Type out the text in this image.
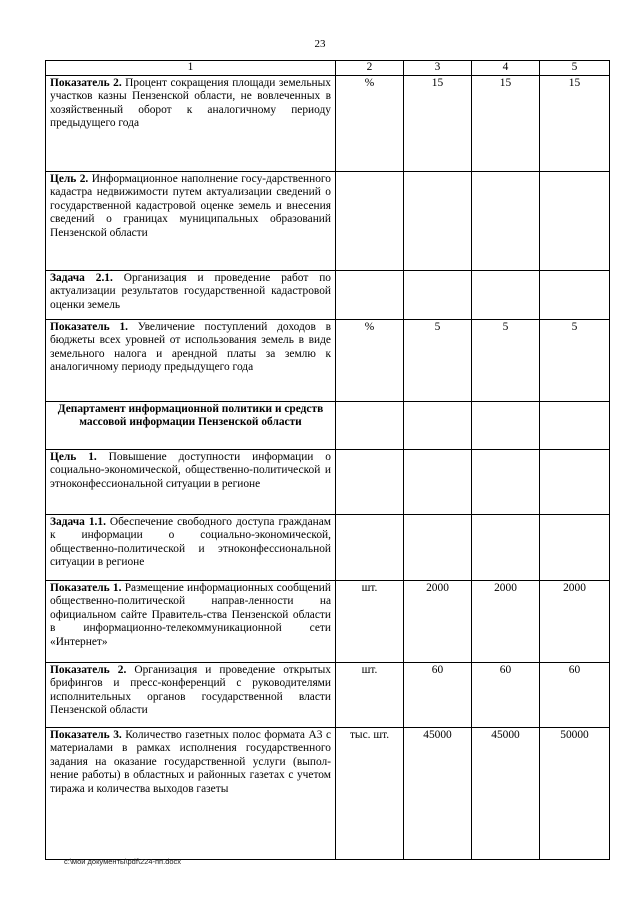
23
1	2	3	4	5
Показатель 2. Процент сокращения площади земельных участков казны Пензенской области, не вовлеченных в хозяйственный оборот к аналогичному периоду предыдущего года	%	15	15	15
Цель 2. Информационное наполнение госу-дарственного кадастра недвижимости путем актуализации сведений о государственной кадастровой оценке земель и внесения сведений о границах муниципальных образований Пензенской области				
Задача 2.1. Организация и проведение работ по актуализации результатов государственной кадастровой оценки земель				
Показатель 1. Увеличение поступлений доходов в бюджеты всех уровней от использования земель в виде земельного налога и арендной платы за землю к аналогичному периоду предыдущего года	%	5	5	5
Департамент информационной политики и средств массовой информации Пензенской области				
Цель 1. Повышение доступности информации о социально-экономической, общественно-политической и этноконфессиональной ситуации в регионе				
Задача 1.1. Обеспечение свободного доступа гражданам к информации о социально-экономической, общественно-политической и этноконфессиональной ситуации в регионе				
Показатель 1. Размещение информационных сообщений общественно-политической направ-ленности на официальном сайте Правитель-ства Пензенской области в информационно-телекоммуникационной сети «Интернет»	шт.	2000	2000	2000
Показатель 2. Организация и проведение открытых брифингов и пресс-конференций с руководителями исполнительных органов государственной власти Пензенской области	шт.	60	60	60
Показатель 3. Количество газетных полос формата А3 с материалами в рамках исполнения государственного задания на оказание государственной услуги (выпол-нение работы) в областных и районных газетах с учетом тиража и количества выходов газеты	тыс. шт.	45000	45000	50000
c:\мои документы\pdf\224-пп.docx
